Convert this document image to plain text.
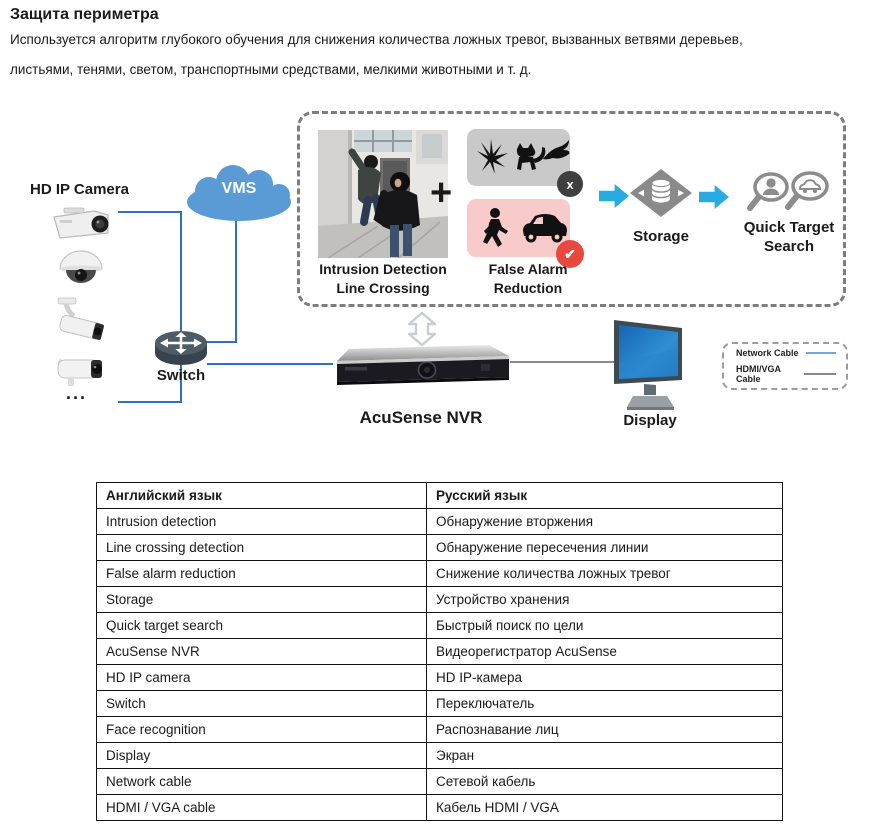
Защита периметра
Используется алгоритм глубокого обучения для снижения количества ложных тревог, вызванных ветвями деревьев,
листьями, тенями, светом, транспортными средствами, мелкими животными и т. д.
HD IP Camera
...
VMS
Switch
Intrusion Detection
Line Crossing
+	x
✔
False Alarm
Reduction
Storage
Quick Target
Search
AcuSense NVR	Display
Network Cable
HDMI/VGA Cable
Английский язык	Русский язык
Intrusion detection	Обнаружение вторжения
Line crossing detection	Обнаружение пересечения линии
False alarm reduction	Снижение количества ложных тревог
Storage	Устройство хранения
Quick target search	Быстрый поиск по цели
AcuSense NVR	Видеорегистратор AcuSense
HD IP camera	HD IP-камера
Switch	Переключатель
Face recognition	Распознавание лиц
Display	Экран
Network cable	Сетевой кабель
HDMI / VGA cable	Кабель HDMI / VGA
